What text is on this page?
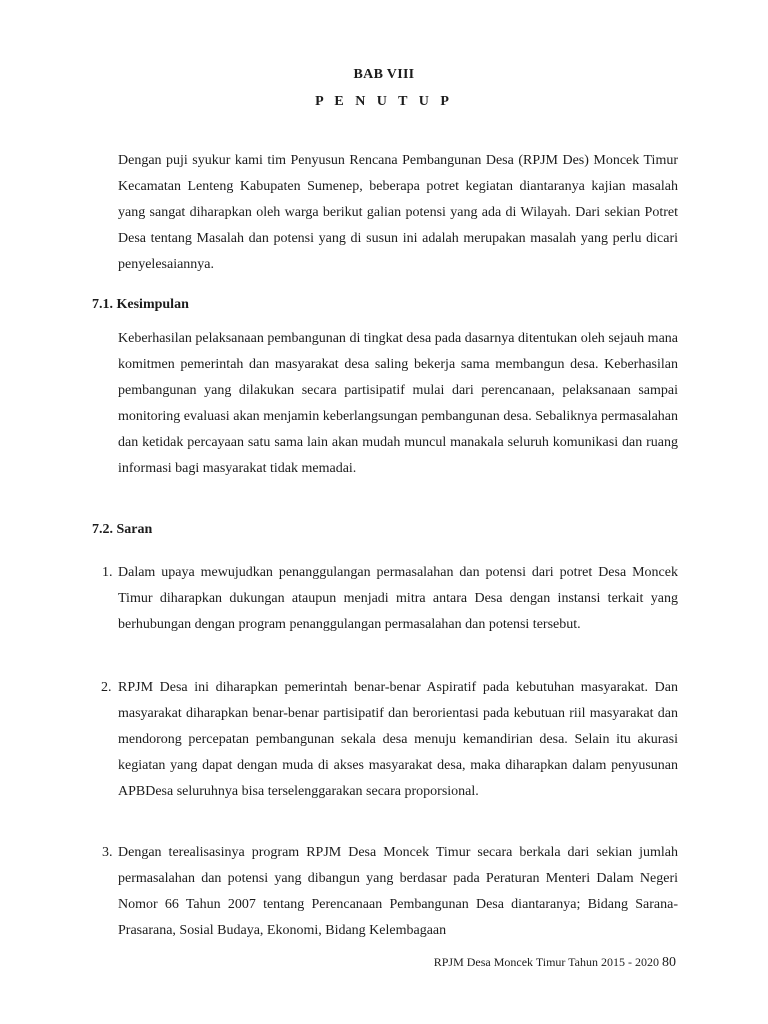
BAB VIII
P E N U T U P

Dengan puji syukur kami tim Penyusun Rencana Pembangunan Desa (RPJM Des) Moncek Timur Kecamatan Lenteng Kabupaten Sumenep, beberapa potret kegiatan diantaranya kajian masalah yang sangat diharapkan oleh warga berikut galian potensi yang ada di Wilayah. Dari sekian Potret Desa tentang Masalah dan potensi yang di susun ini adalah merupakan masalah yang perlu dicari penyelesaiannya.

7.1. Kesimpulan

Keberhasilan pelaksanaan pembangunan di tingkat desa pada dasarnya ditentukan oleh sejauh mana komitmen pemerintah dan masyarakat desa saling bekerja sama membangun desa. Keberhasilan pembangunan yang dilakukan secara partisipatif mulai dari perencanaan, pelaksanaan sampai monitoring evaluasi akan menjamin keberlangsungan pembangunan desa. Sebaliknya permasalahan dan ketidak percayaan satu sama lain akan mudah muncul manakala seluruh komunikasi dan ruang informasi bagi masyarakat tidak memadai.

7.2. Saran
1. Dalam upaya mewujudkan penanggulangan permasalahan dan potensi dari potret Desa Moncek Timur diharapkan dukungan ataupun menjadi mitra antara Desa dengan instansi terkait yang berhubungan dengan program penanggulangan permasalahan dan potensi tersebut.
2. RPJM Desa ini diharapkan pemerintah benar-benar Aspiratif pada kebutuhan masyarakat. Dan masyarakat diharapkan benar-benar partisipatif dan berorientasi pada kebutuan riil masyarakat dan mendorong percepatan pembangunan sekala desa menuju kemandirian desa. Selain itu akurasi kegiatan yang dapat dengan muda di akses masyarakat desa, maka diharapkan dalam penyusunan APBDesa seluruhnya bisa terselenggarakan secara proporsional.
3. Dengan terealisasinya program RPJM Desa Moncek Timur secara berkala dari sekian jumlah permasalahan dan potensi yang dibangun yang berdasar pada Peraturan Menteri Dalam Negeri Nomor 66 Tahun 2007 tentang Perencanaan Pembangunan Desa diantaranya; Bidang Sarana-Prasarana, Sosial Budaya, Ekonomi, Bidang Kelembagaan
RPJM Desa Moncek Timur Tahun 2015 - 2020 80
